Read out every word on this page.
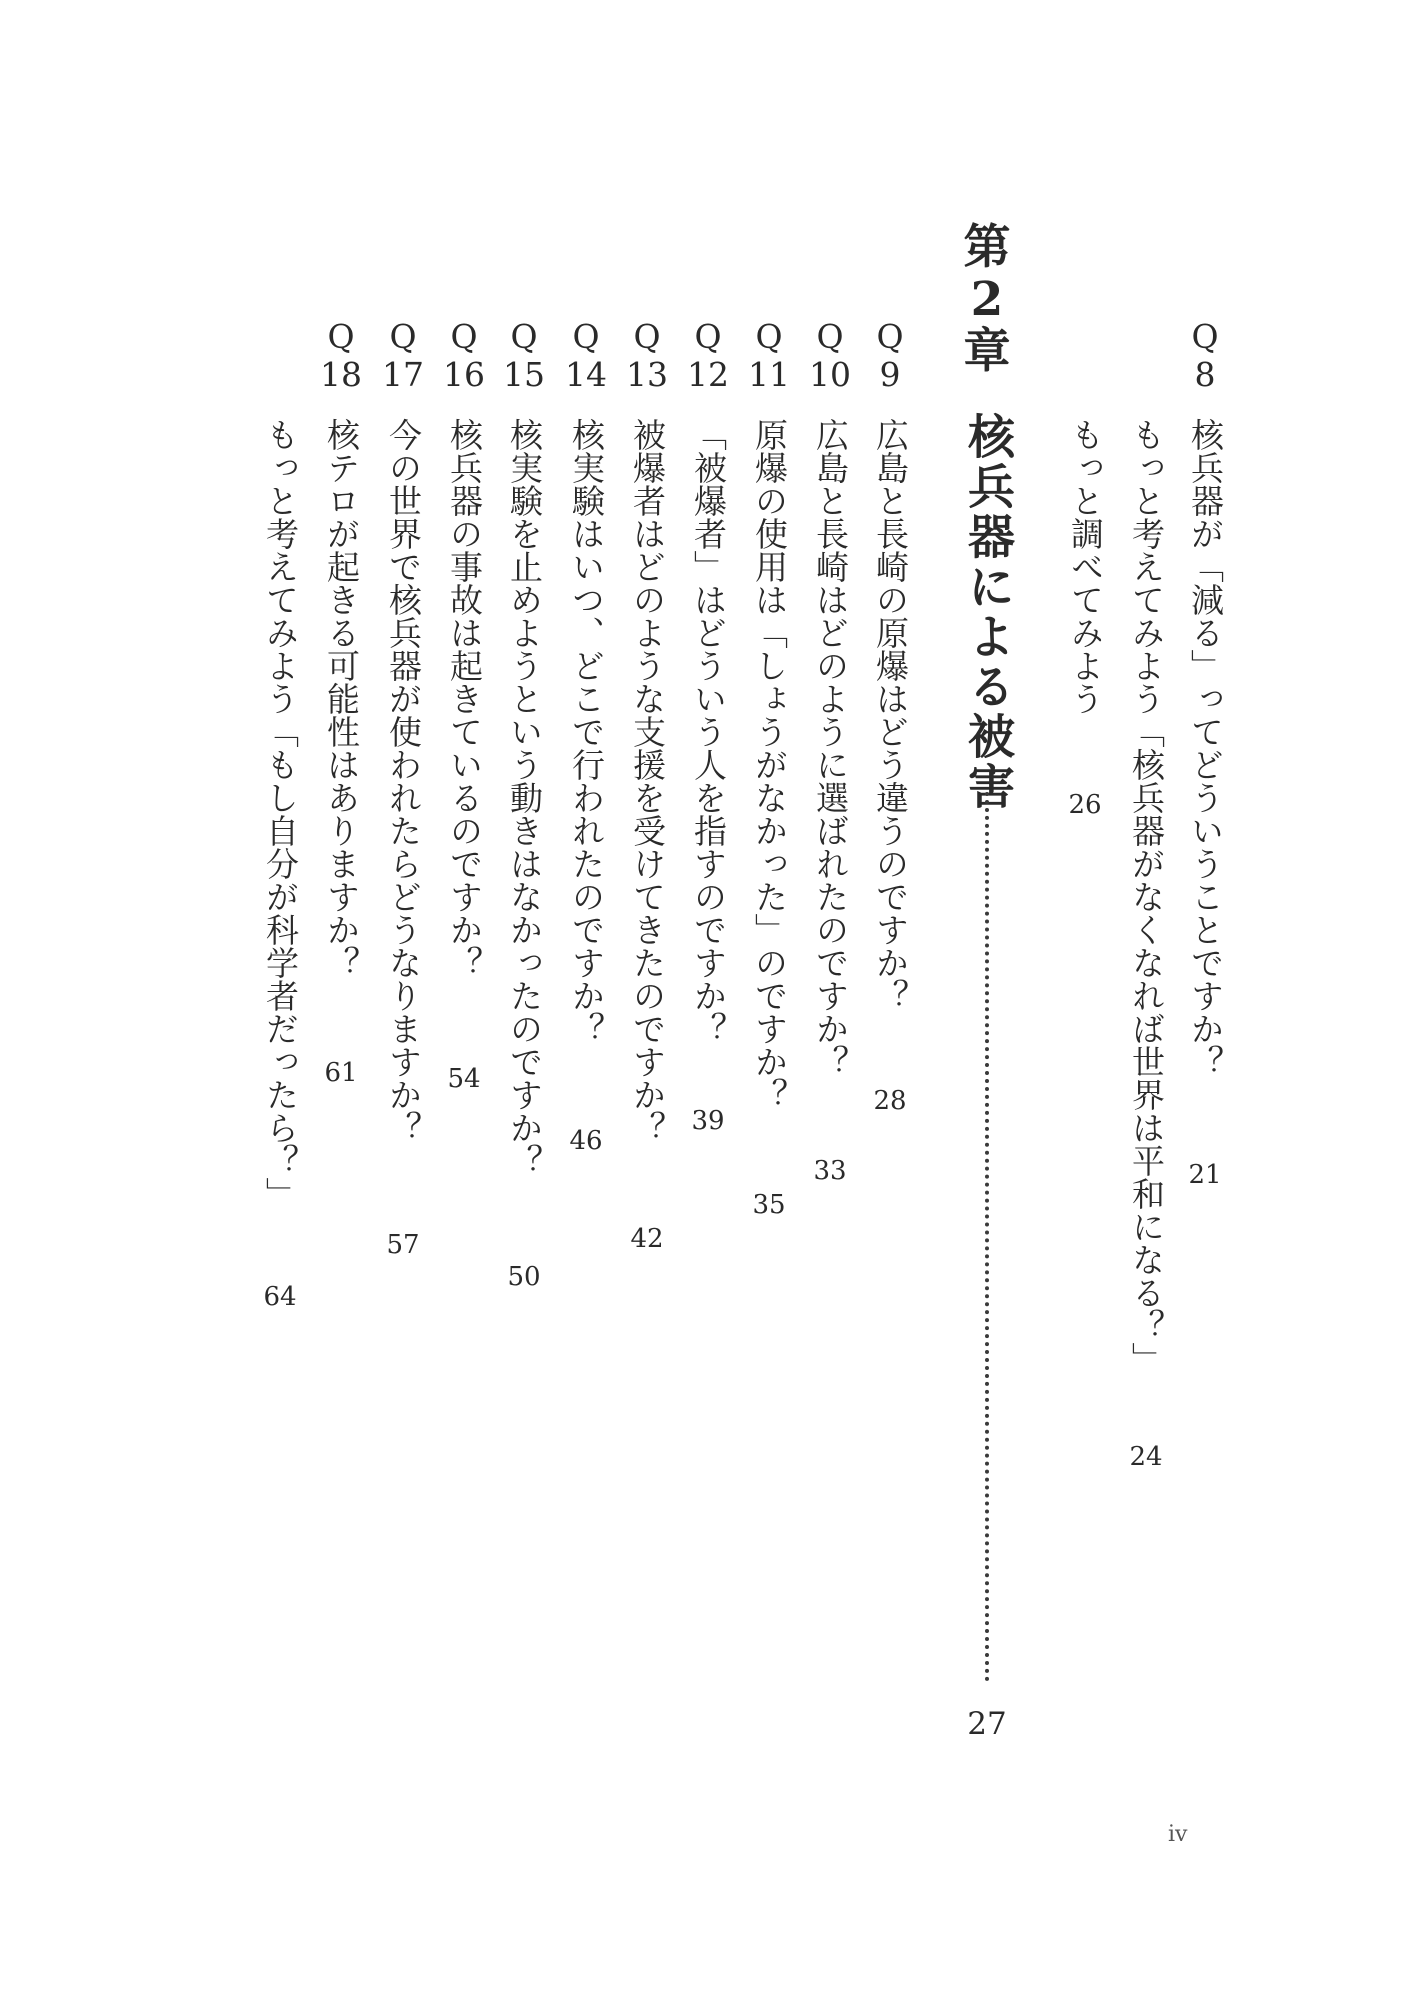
Q
8
核兵器が「減る」ってどういうことですか？
21
もっと考えてみよう「核兵器がなくなれば世界は平和になる？」
24
もっと調べてみよう
26
第
2
章
核兵器による被害
27
Q
9
広島と長崎の原爆はどう違うのですか？
28
Q
10
広島と長崎はどのように選ばれたのですか？
33
Q
11
原爆の使用は「しょうがなかった」のですか？
35
Q
12
「被爆者」はどういう人を指すのですか？
39
Q
13
被爆者はどのような支援を受けてきたのですか？
42
Q
14
核実験はいつ、どこで行われたのですか？
46
Q
15
核実験を止めようという動きはなかったのですか？
50
Q
16
核兵器の事故は起きているのですか？
54
Q
17
今の世界で核兵器が使われたらどうなりますか？
57
Q
18
核テロが起きる可能性はありますか？
61
もっと考えてみよう「もし自分が科学者だったら？」
64
iv
